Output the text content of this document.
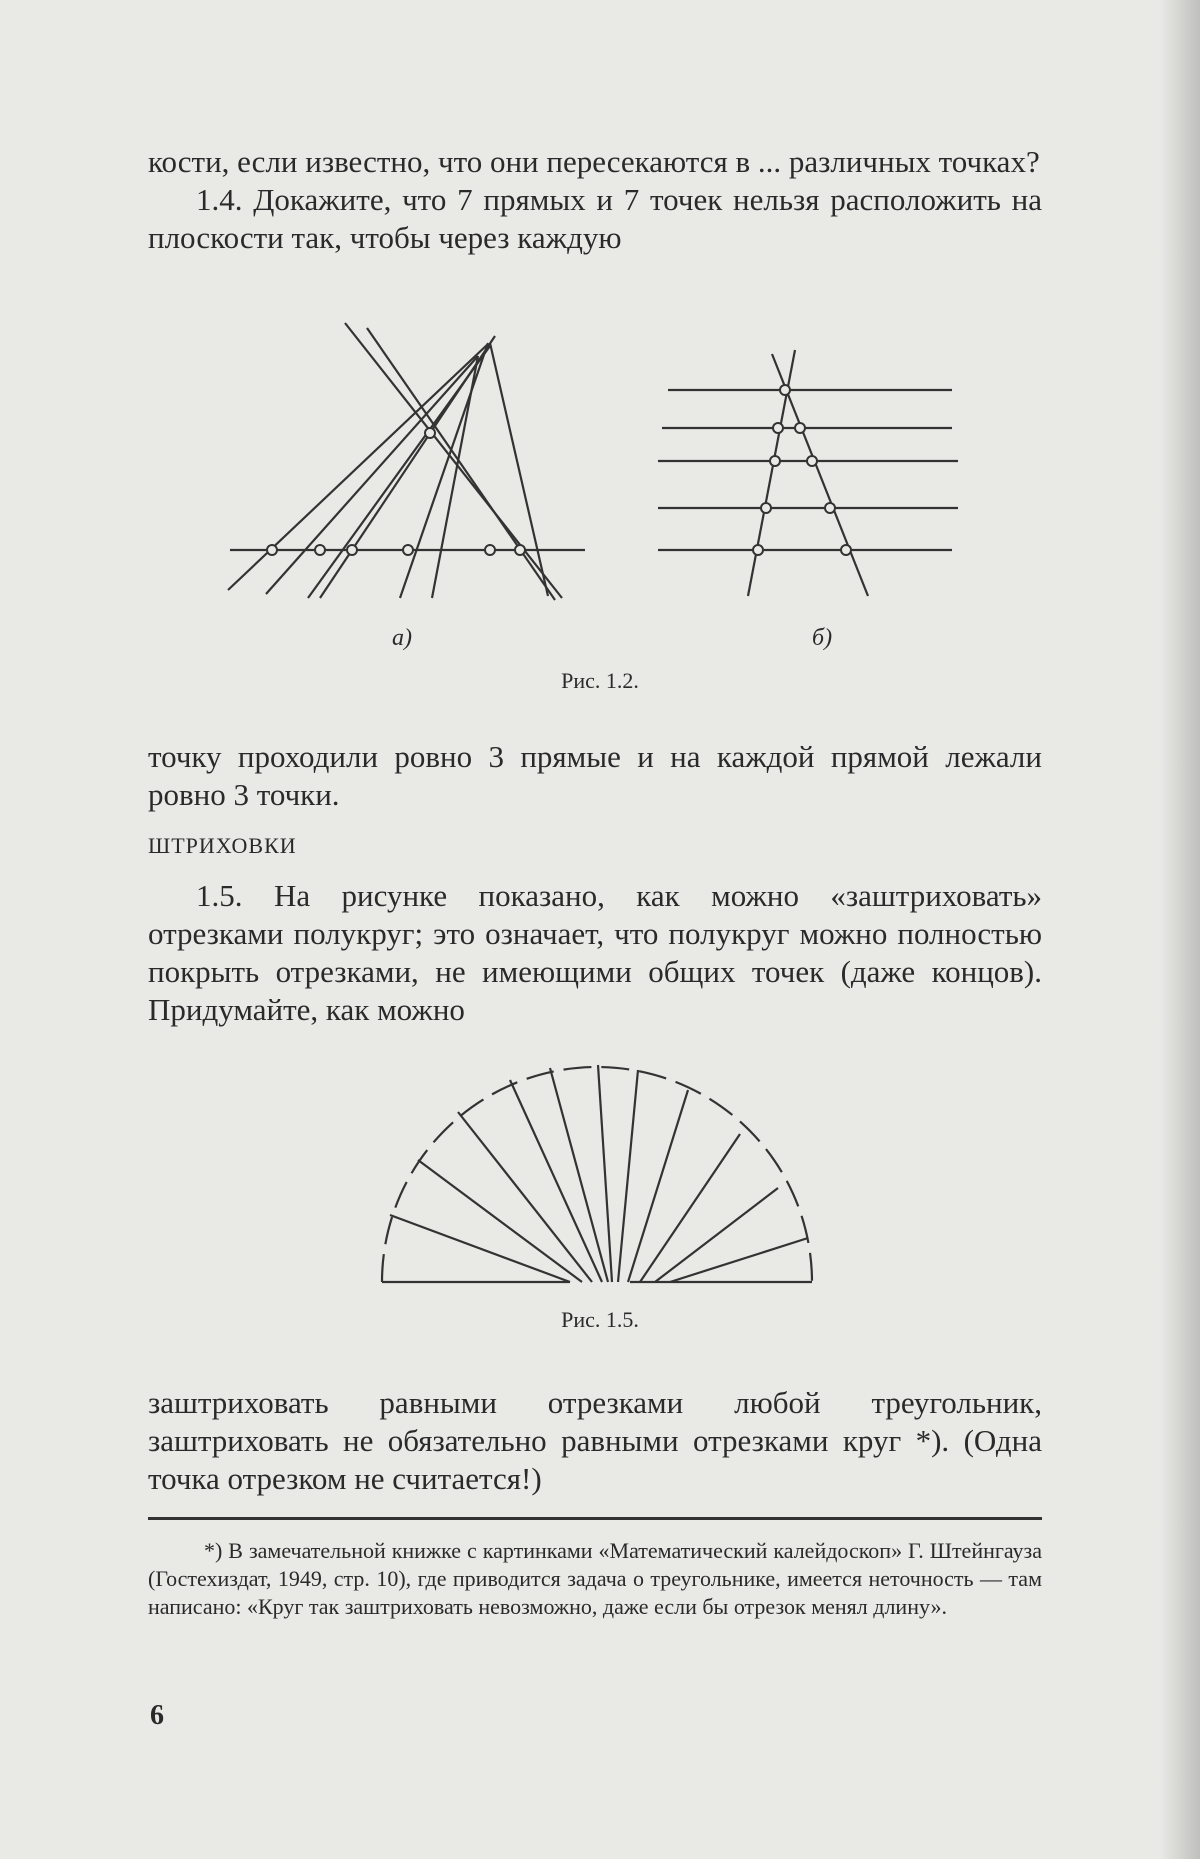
кости, если известно, что они пересекаются в ... различных точках?

1.4. Докажите, что 7 прямых и 7 точек нельзя расположить на плоскости так, чтобы через каждую

а)	б)
Рис. 1.2.

точку проходили ровно 3 прямые и на каждой прямой лежали ровно 3 точки.

ШТРИХОВКИ

1.5. На рисунке показано, как можно «заштриховать» отрезками полукруг; это означает, что полукруг можно полностью покрыть отрезками, не имеющими общих точек (даже концов). Придумайте, как можно

Рис. 1.5.

заштриховать равными отрезками любой треугольник, заштриховать не обязательно равными отрезками круг *). (Одна точка отрезком не считается!)

*) В замечательной книжке с картинками «Математический калейдоскоп» Г. Штейнгауза (Гостехиздат, 1949, стр. 10), где приводится задача о треугольнике, имеется неточность — там написано: «Круг так заштриховать невозможно, даже если бы отрезок менял длину».

6
